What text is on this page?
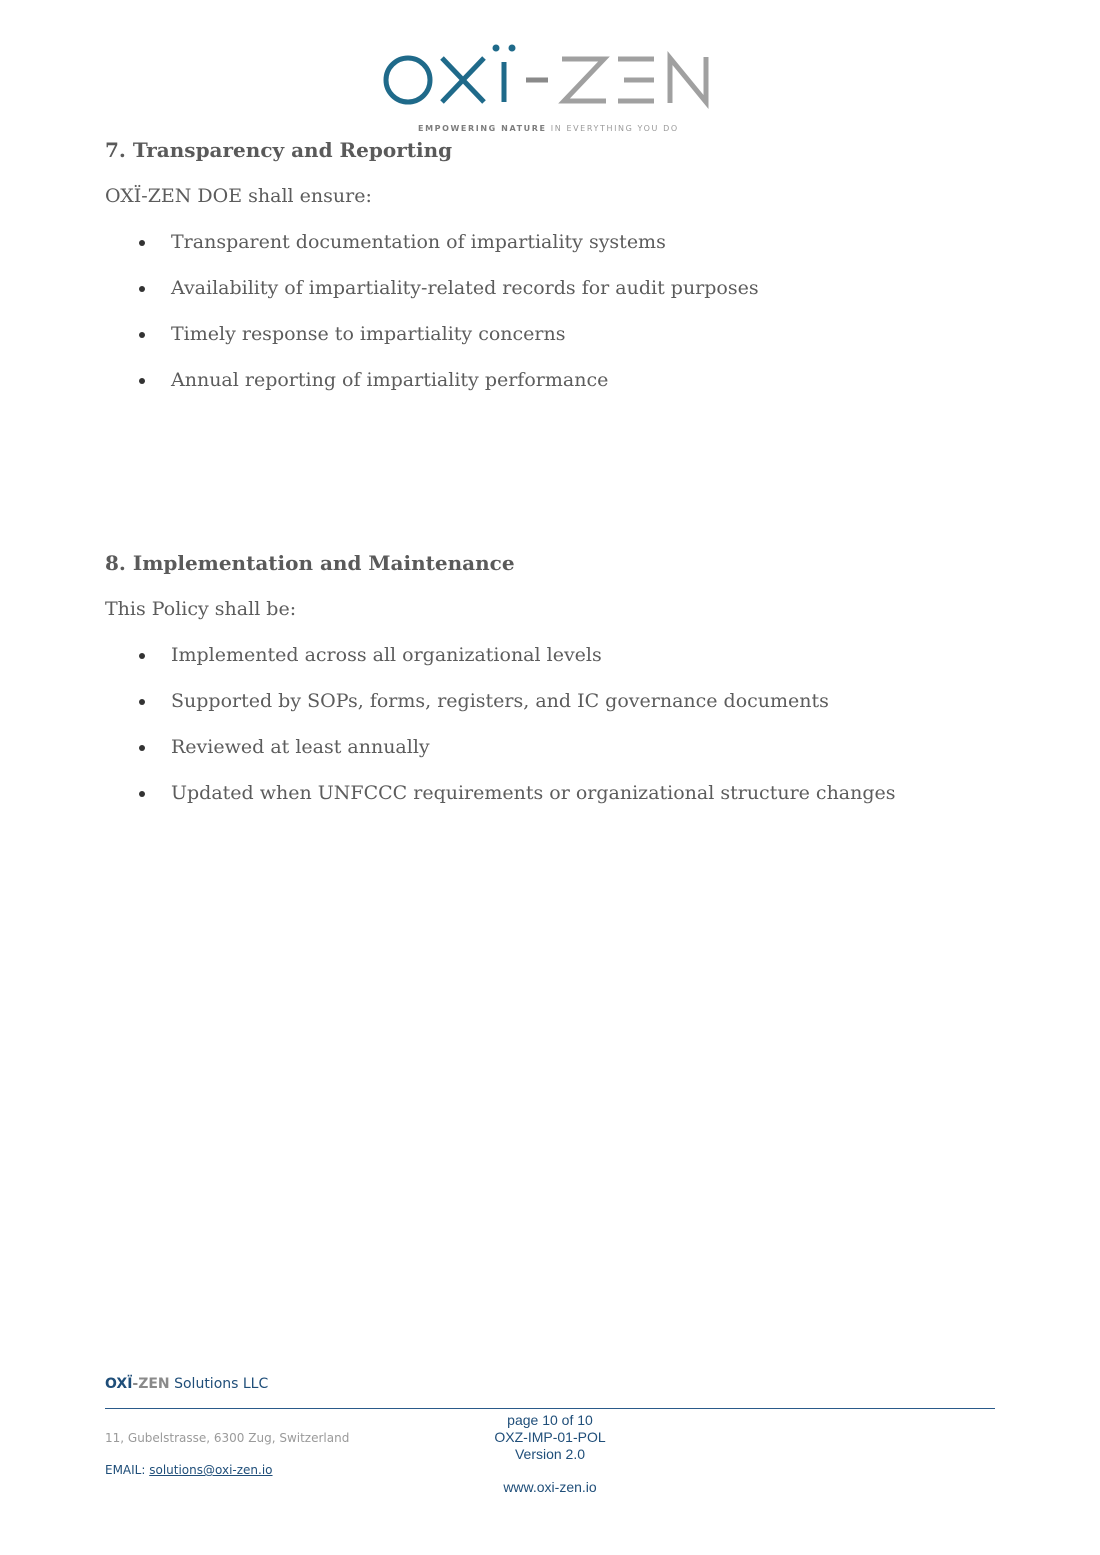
EMPOWERING NATURE IN EVERYTHING YOU DO
7. Transparency and Reporting

OXÏ-ZEN DOE shall ensure:

Transparent documentation of impartiality systems
Availability of impartiality-related records for audit purposes
Timely response to impartiality concerns
Annual reporting of impartiality performance
8. Implementation and Maintenance

This Policy shall be:

Implemented across all organizational levels
Supported by SOPs, forms, registers, and IC governance documents
Reviewed at least annually
Updated when UNFCCC requirements or organizational structure changes
OXÏ-ZEN Solutions LLC
11, Gubelstrasse, 6300 Zug, Switzerland
EMAIL: solutions@oxi-zen.io
page 10 of 10
OXZ-IMP-01-POL
Version 2.0
www.oxi-zen.io
